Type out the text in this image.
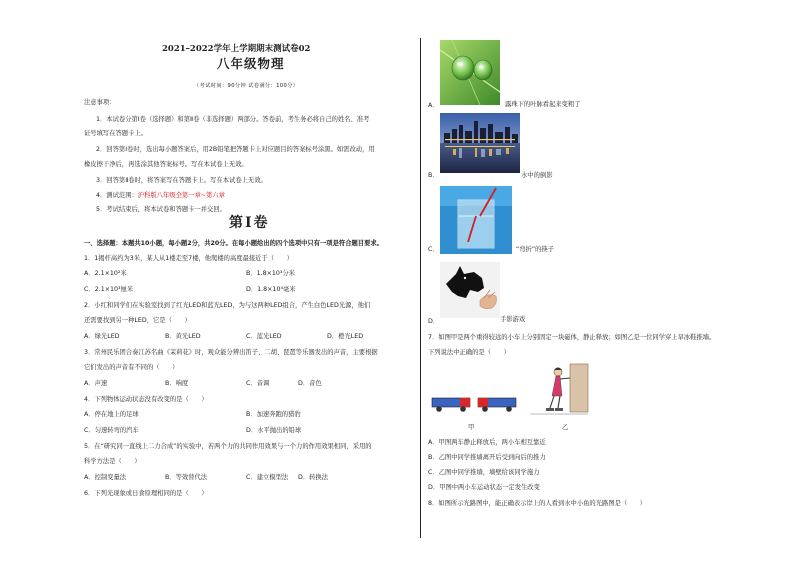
2021–2022学年上学期期末测试卷02
八年级物理
（考试时间：90分钟 试卷满分：100分）
注意事项：
1．本试卷分第Ⅰ卷（选择题）和第Ⅱ卷（非选择题）两部分。答卷前，考生务必将自己的姓名、准考
证号填写在答题卡上。
2．回答第Ⅰ卷时，选出每小题答案后，用2B铅笔把答题卡上对应题目的答案标号涂黑。如需改动，用
橡皮擦干净后，再选涂其他答案标号。写在本试卷上无效。
3．回答第Ⅱ卷时，将答案写在答题卡上。写在本试卷上无效。
4．测试范围：沪科版八年级全第一章~第六章
5．考试结束后，将本试卷和答题卡一并交回。
第Ⅰ卷
一、选择题：本题共10小题，每小题2分，共20分。在每小题给出的四个选项中只有一项是符合题目要求。
1．1揭杆高约为3米，某人从1楼走至7楼，他爬楼的高度最接近于（　　）
A．2.1×10²米	B．1.8×10³分米
C．2.1×10³厘米	D．1.8×10⁴毫米
2．小红和同学们在实验室找到了红光LED和蓝光LED，为与这两种LED组合，产生白色LED光源，他们
还需要找到另一种LED，它是（　　）
A．绿光LED	B．黄光LED	C．蓝光LED	D．橙光LED
3．常州民乐团合奏江苏名曲《茉莉花》时，观众能分辨出笛子、二胡、琵琶等乐器发出的声音，主要根据
它们发出的声音有不同的（　　）
A．声速	B．响度	C．音调	D．音色
4．下列物体运动状态没有改变的是（　　）
A．停在地上的足球	B．加速奔跑的猎豹
C．匀速转弯的汽车	D．水平抛出的铅球
5．在“研究同一直线上二力合成”的实验中，若两个力的共同作用效果与一个力的作用效果相同，采用的
科学方法是（　　）
A．控制变量法	B．等效替代法	C．建立模型法 D．转换法
6．下列光现象或日食原理相同的是（　　）
A．	露珠下的叶脉看起来变粗了
B．	水中的倒影
C．	“弯折”的筷子
D．	手影游戏
7．如图甲是两个重得较远的小车上分别固定一块磁体，静止释放；如图乙是一位同学穿上旱冰鞋推墙。
下列说法中正确的是（　　）
甲	乙
A．甲图两车静止释放后，两小车相互靠近
B．乙图中同学推墙离开后受到向后的推力
C．乙图中同学推墙，墙壁给该同学施力
D．甲图中两小车运动状态一定发生改变
8．如图所示光路图中，能正确表示岸上的人看到水中小鱼的光路图是（　　）
